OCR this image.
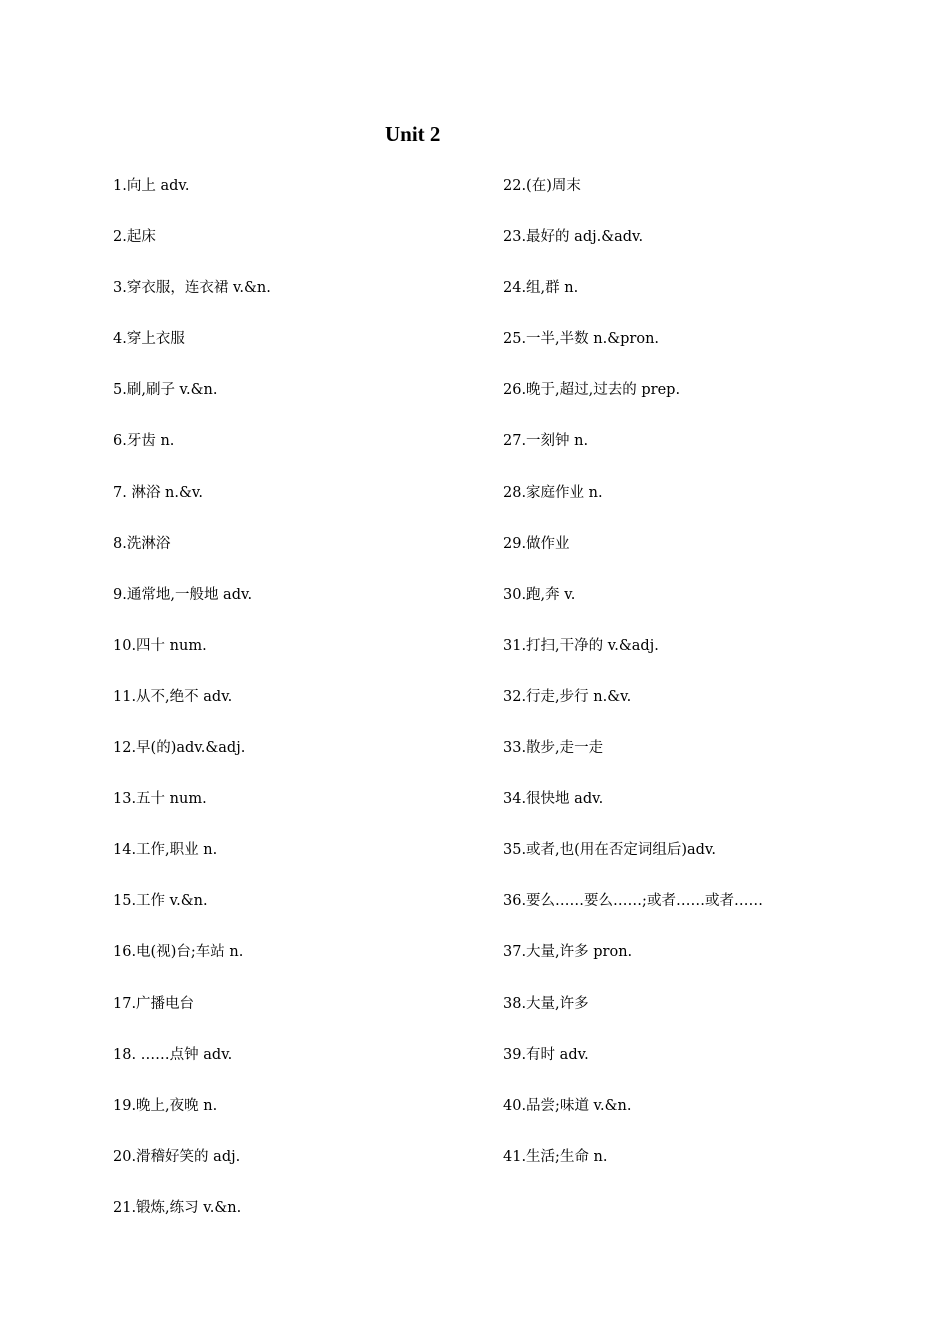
Unit 2
1.向上 adv.
2.起床
3.穿衣服，连衣裙 v.&n.
4.穿上衣服
5.刷,刷子 v.&n.
6.牙齿 n.
7. 淋浴 n.&v.
8.洗淋浴
9.通常地,一般地 adv.
10.四十 num.
11.从不,绝不 adv.
12.早(的)adv.&adj.
13.五十 num.
14.工作,职业 n.
15.工作 v.&n.
16.电(视)台;车站 n.
17.广播电台
18. ……点钟 adv.
19.晚上,夜晚 n.
20.滑稽好笑的 adj.
21.锻炼,练习 v.&n.
22.(在)周末
23.最好的 adj.&adv.
24.组,群 n.
25.一半,半数 n.&pron.
26.晚于,超过,过去的 prep.
27.一刻钟 n.
28.家庭作业 n.
29.做作业
30.跑,奔 v.
31.打扫,干净的 v.&adj.
32.行走,步行 n.&v.
33.散步,走一走
34.很快地 adv.
35.或者,也(用在否定词组后)adv.
36.要么……要么……;或者……或者……
37.大量,许多 pron.
38.大量,许多
39.有时 adv.
40.品尝;味道 v.&n.
41.生活;生命 n.
